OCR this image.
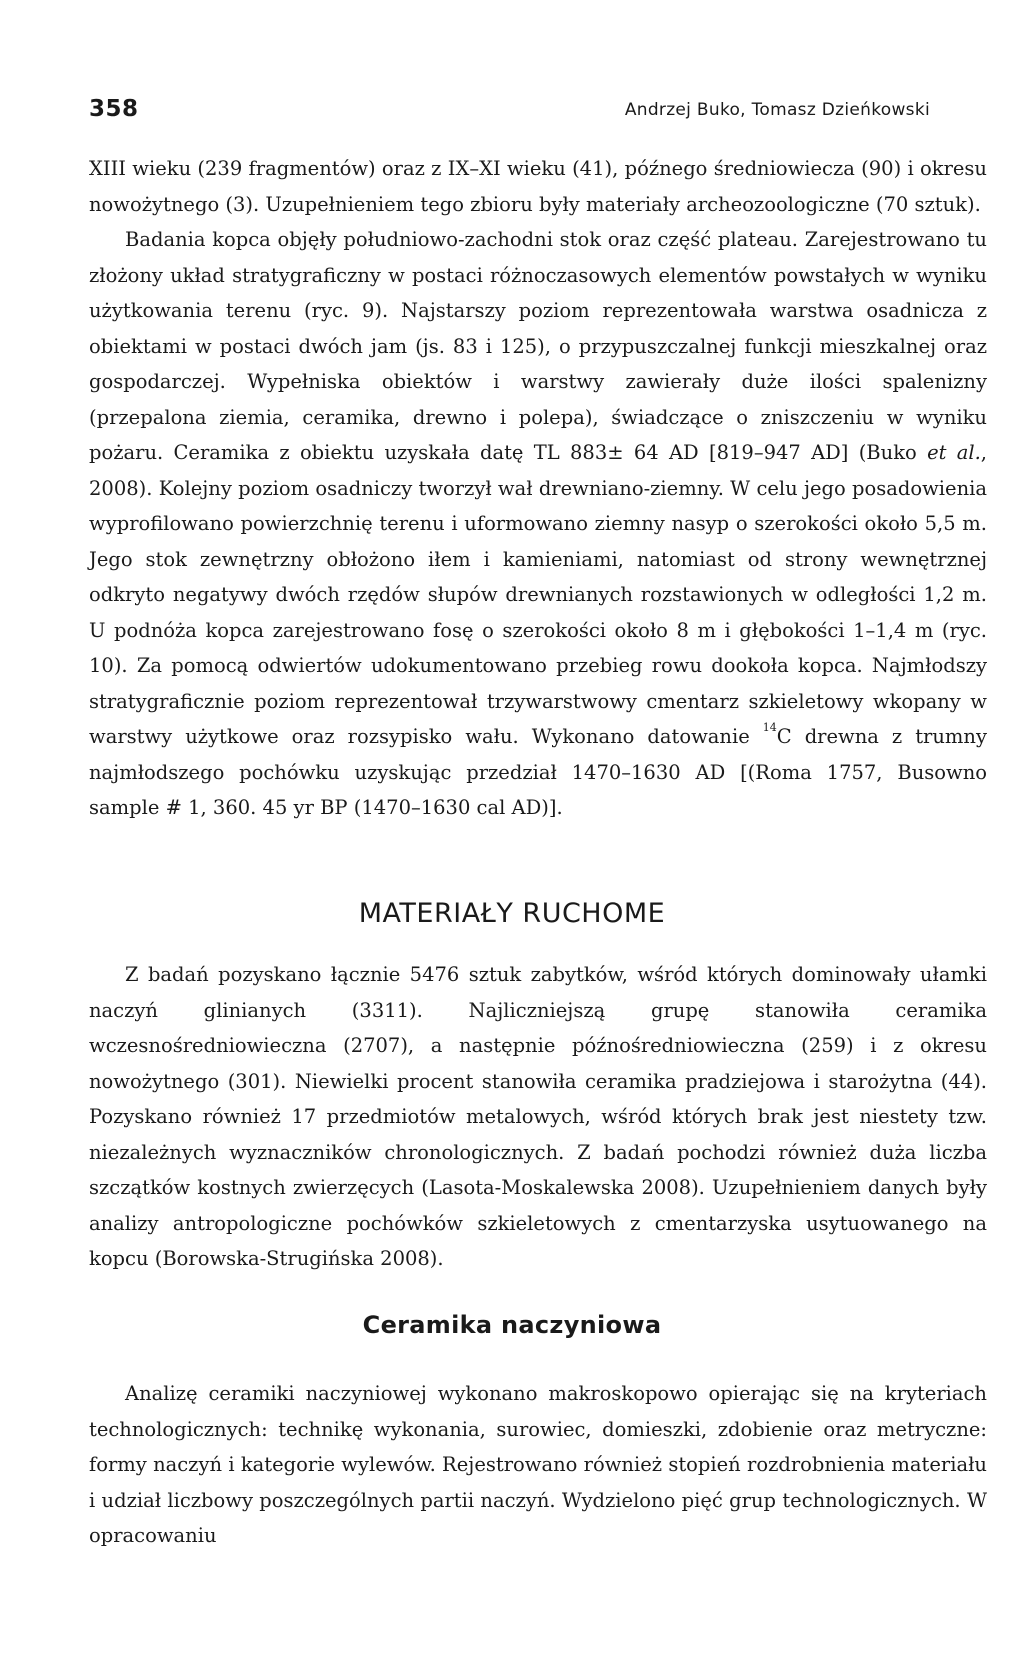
358	Andrzej Buko, Tomasz Dzieńkowski

XIII wieku (239 fragmentów) oraz z IX–XI wieku (41), późnego średniowiecza (90) i okresu nowożytnego (3). Uzupełnieniem tego zbioru były materiały archeozoologiczne (70 sztuk).

Badania kopca objęły południowo-zachodni stok oraz część plateau. Zarejestrowano tu złożony układ stratygraficzny w postaci różnoczasowych elementów powstałych w wyniku użytkowania terenu (ryc. 9). Najstarszy poziom reprezentowała warstwa osadnicza z obiektami w postaci dwóch jam (js. 83 i 125), o przypuszczalnej funkcji mieszkalnej oraz gospodarczej. Wypełniska obiektów i warstwy zawierały duże ilości spalenizny (przepalona ziemia, ceramika, drewno i polepa), świadczące o zniszczeniu w wyniku pożaru. Ceramika z obiektu uzyskała datę TL 883± 64 AD [819–947 AD] (Buko et al., 2008). Kolejny poziom osadniczy tworzył wał drewniano-ziemny. W celu jego posadowienia wyprofilowano powierzchnię terenu i uformowano ziemny nasyp o szerokości około 5,5 m. Jego stok zewnętrzny obłożono iłem i kamieniami, natomiast od strony wewnętrznej odkryto negatywy dwóch rzędów słupów drewnianych rozstawionych w odległości 1,2 m. U podnóża kopca zarejestrowano fosę o szerokości około 8 m i głębokości 1–1,4 m (ryc. 10). Za pomocą odwiertów udokumentowano przebieg rowu dookoła kopca. Najmłodszy stratygraficznie poziom reprezentował trzywarstwowy cmentarz szkieletowy wkopany w warstwy użytkowe oraz rozsypisko wału. Wykonano datowanie $^{14}$C drewna z trumny najmłodszego pochówku uzyskując przedział 1470–1630 AD [(Roma 1757, Busowno sample # 1, 360. 45 yr BP (1470–1630 cal AD)].

MATERIAŁY RUCHOME

Z badań pozyskano łącznie 5476 sztuk zabytków, wśród których dominowały ułamki naczyń glinianych (3311). Najliczniejszą grupę stanowiła ceramika wczesnośredniowieczna (2707), a następnie późnośredniowieczna (259) i z okresu nowożytnego (301). Niewielki procent stanowiła ceramika pradziejowa i starożytna (44). Pozyskano również 17 przedmiotów metalowych, wśród których brak jest niestety tzw. niezależnych wyznaczników chronologicznych. Z badań pochodzi również duża liczba szczątków kostnych zwierzęcych (Lasota-Moskalewska 2008). Uzupełnieniem danych były analizy antropologiczne pochówków szkieletowych z cmentarzyska usytuowanego na kopcu (Borowska-Strugińska 2008).

Ceramika naczyniowa

Analizę ceramiki naczyniowej wykonano makroskopowo opierając się na kryteriach technologicznych: technikę wykonania, surowiec, domieszki, zdobienie oraz metryczne: formy naczyń i kategorie wylewów. Rejestrowano również stopień rozdrobnienia materiału i udział liczbowy poszczególnych partii naczyń. Wydzielono pięć grup technologicznych. W opracowaniu
